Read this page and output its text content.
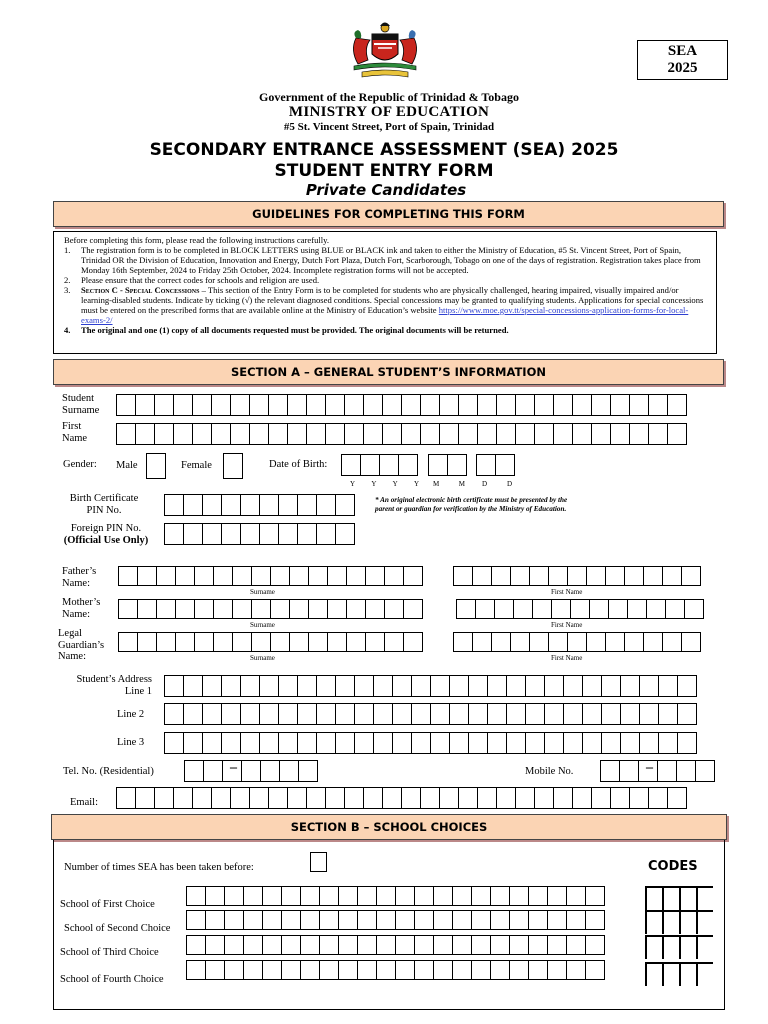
SEA
2025
Government of the Republic of Trinidad & Tobago
MINISTRY OF EDUCATION
#5 St. Vincent Street, Port of Spain, Trinidad
SECONDARY ENTRANCE ASSESSMENT (SEA) 2025
STUDENT ENTRY FORM
Private Candidates
GUIDELINES FOR COMPLETING THIS FORM
Before completing this form, please read the following instructions carefully.
1.	The registration form is to be completed in BLOCK LETTERS using BLUE or BLACK ink and taken to either the Ministry of Education, #5 St. Vincent Street, Port of Spain, Trinidad OR the Division of Education, Innovation and Energy, Dutch Fort Plaza, Dutch Fort, Scarborough, Tobago on one of the days of registration. Registration takes place from Monday 16th September, 2024 to Friday 25th October, 2024. Incomplete registration forms will not be accepted.
2.	Please ensure that the correct codes for schools and religion are used.
3.	Section C - Special Concessions – This section of the Entry Form is to be completed for students who are physically challenged, hearing impaired, visually impaired and/or learning-disabled students. Indicate by ticking (√) the relevant diagnosed conditions. Special concessions may be granted to qualifying students. Applications for special concessions must be entered on the prescribed forms that are available online at the Ministry of Education’s website https://www.moe.gov.tt/special-concessions-application-forms-for-local-exams-2/
4.	The original and one (1) copy of all documents requested must be provided. The original documents will be returned.
SECTION A – GENERAL STUDENT’S INFORMATION
Student
Surname
First
Name
Gender: Male	Female	Date of Birth:
Y Y Y Y M	M D	D
Birth Certificate
PIN No.
* An original electronic birth certificate must be presented by the
parent or guardian for verification by the Ministry of Education.
Foreign PIN No.
(Official Use Only)
Father’s
Name:
Surname	First Name
Mother’s
Name:
Surname	First Name
Legal
Guardian’s
Name:	Surname	First Name
Student’s Address
Line 1
Line 2
Line 3
Tel. No. (Residential)	–	Mobile No.	–
Email:
SECTION B – SCHOOL CHOICES
Number of times SEA has been taken before:	CODES
School of First Choice
School of Second Choice
School of Third Choice
School of Fourth Choice
